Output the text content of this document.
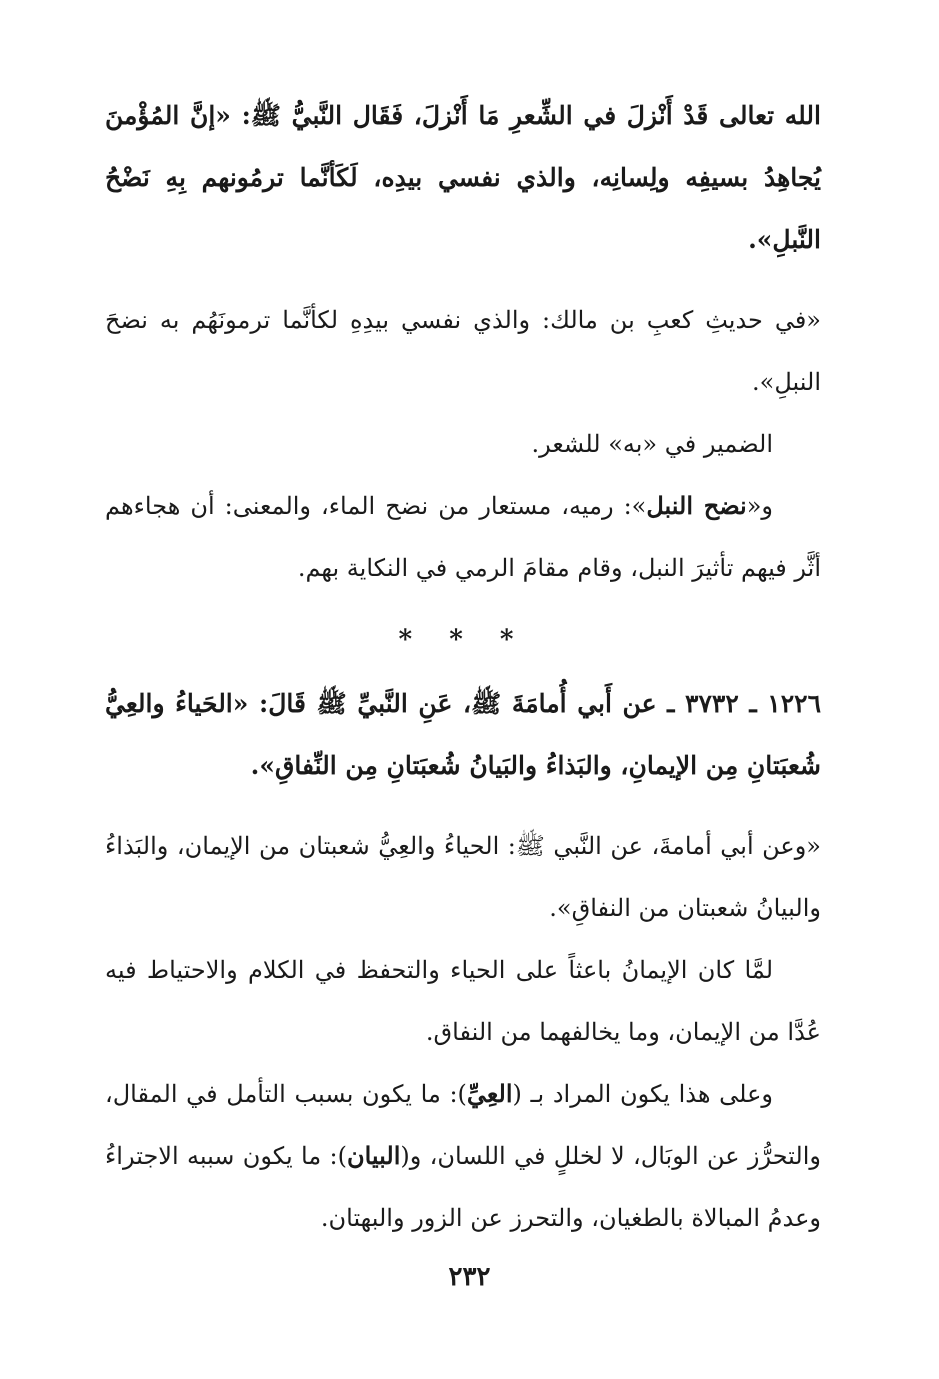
الله تعالى قَدْ أَنْزلَ في الشِّعرِ مَا أَنْزلَ، فَقَال النَّبيُّ ﷺ: «إنَّ المُؤْمنَ يُجاهِدُ بسيفِه ولِسانِه، والذي نفسي بيدِه، لَكَأنَّما ترمُونهم بِهِ نَضْحُ النَّبلِ».

«في حديثِ كعبِ بن مالك: والذي نفسي بيدِهِ لكأنَّما ترمونَهُم به نضحَ النبلِ».

الضمير في «به» للشعر.

و«نضح النبل»: رميه، مستعار من نضح الماء، والمعنى: أن هجاءهم أثَّر فيهم تأثيرَ النبل، وقام مقامَ الرمي في النكاية بهم.

* * *

١٢٢٦ ـ ٣٧٣٢ ـ عن أَبي أُمامَةَ ﷺ، عَنِ النَّبيِّ ﷺ قَالَ: «الحَياءُ والعِيُّ شُعبَتانِ مِن الإيمانِ، والبَذاءُ والبَيانُ شُعبَتانِ مِن النِّفاقِ».

«وعن أبي أمامةَ، عن النَّبي ﷺ: الحياءُ والعِيُّ شعبتان من الإيمان، والبَذاءُ والبيانُ شعبتان من النفاقِ».

لمَّا كان الإيمانُ باعثاً على الحياء والتحفظ في الكلام والاحتياط فيه عُدَّا من الإيمان، وما يخالفهما من النفاق.

وعلى هذا يكون المراد بـ (العِيِّ): ما يكون بسبب التأمل في المقال، والتحرُّز عن الوبَال، لا لخللٍ في اللسان، و(البيان): ما يكون سببه الاجتراءُ وعدمُ المبالاة بالطغيان، والتحرز عن الزور والبهتان.

٢٣٢
